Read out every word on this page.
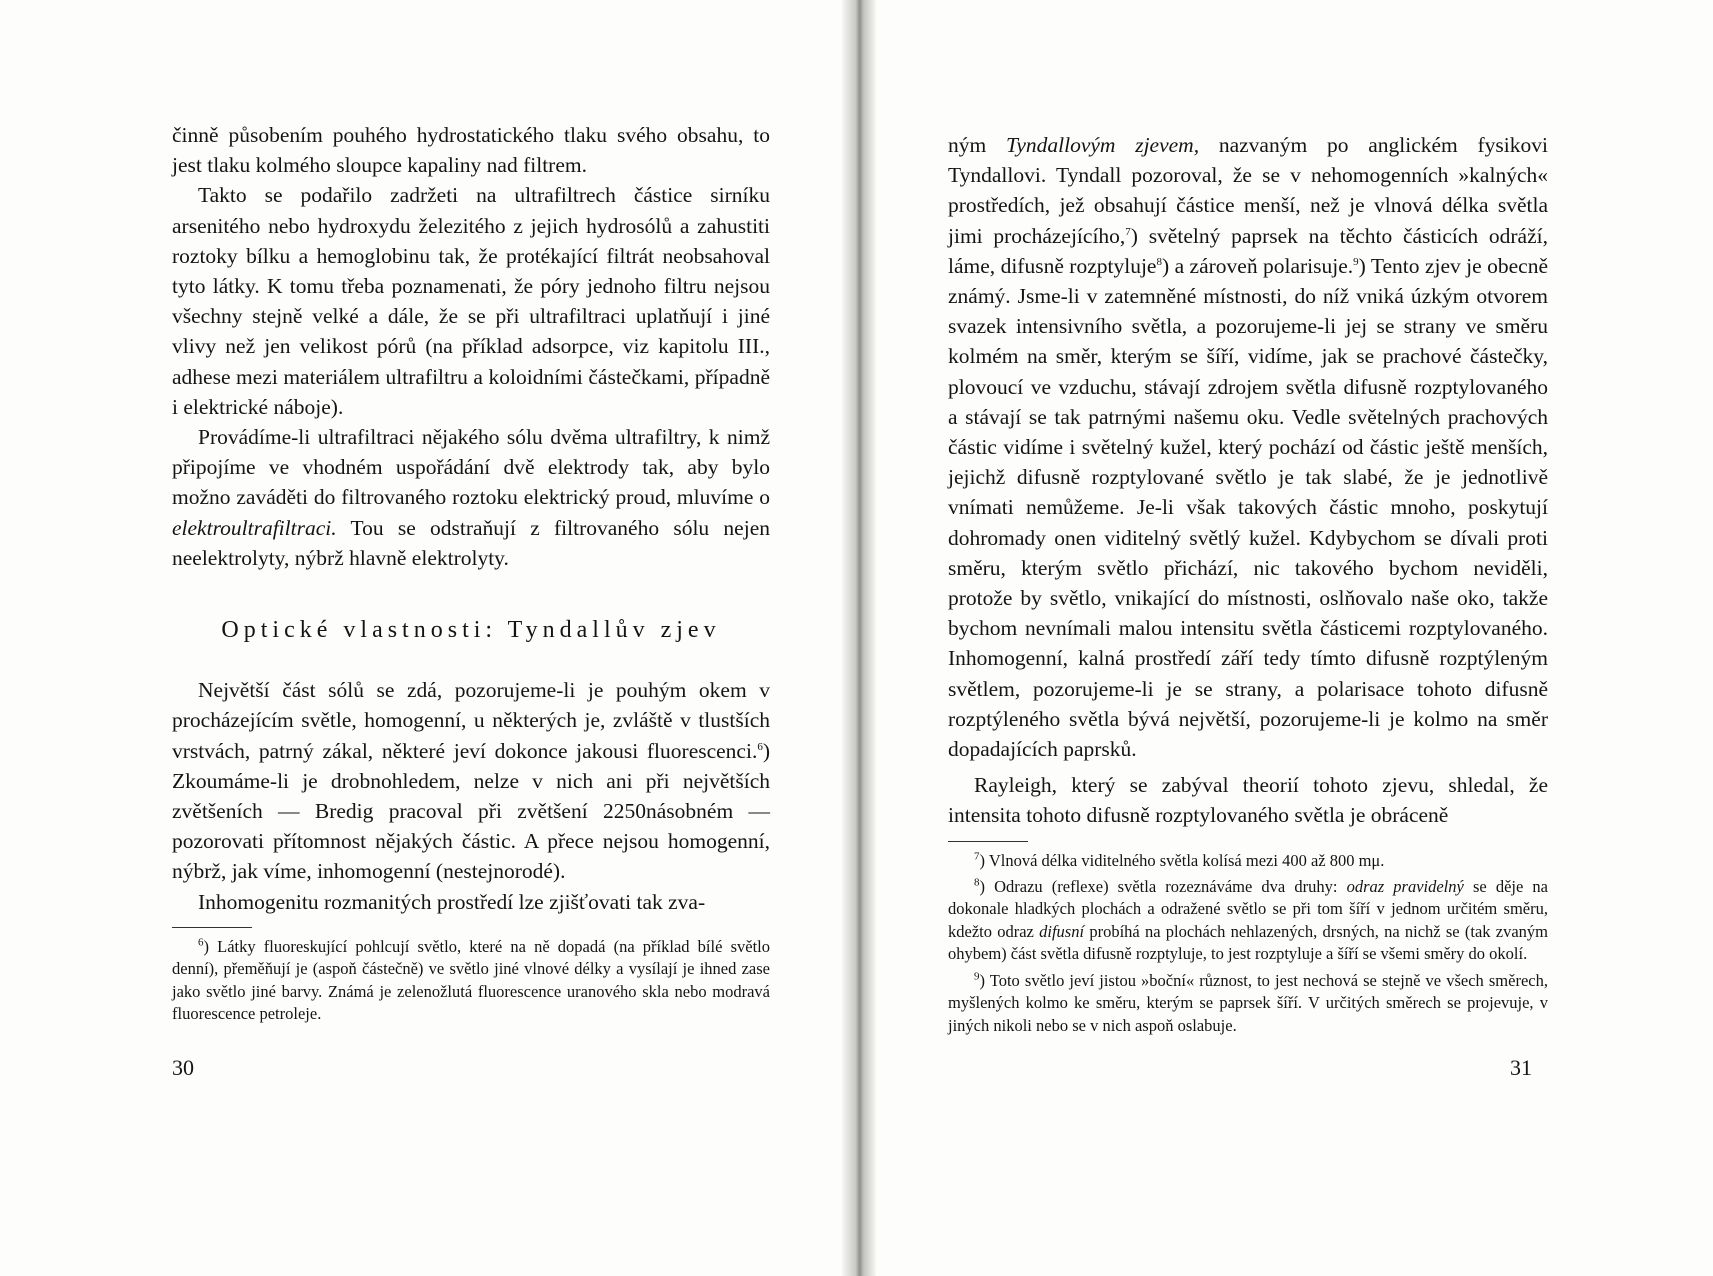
činně působením pouhého hydrostatického tlaku svého obsahu, to jest tlaku kolmého sloupce kapaliny nad filtrem.

Takto se podařilo zadržeti na ultrafiltrech částice sirníku arsenitého nebo hydroxydu železitého z jejich hydrosólů a zahustiti roztoky bílku a hemoglobinu tak, že protékající filtrát neobsahoval tyto látky. K tomu třeba poznamenati, že póry jednoho filtru nejsou všechny stejně velké a dále, že se při ultrafiltraci uplatňují i jiné vlivy než jen velikost pórů (na příklad adsorpce, viz kapitolu III., adhese mezi materiálem ultrafiltru a koloidními částečkami, případně i elektrické náboje).

Provádíme-li ultrafiltraci nějakého sólu dvěma ultrafiltry, k nimž připojíme ve vhodném uspořádání dvě elektrody tak, aby bylo možno zaváděti do filtrovaného roztoku elektrický proud, mluvíme o elektroultrafiltraci. Tou se odstraňují z filtrovaného sólu nejen neelektrolyty, nýbrž hlavně elektrolyty.

Optické vlastnosti: Tyndallův zjev

Největší část sólů se zdá, pozorujeme-li je pouhým okem v procházejícím světle, homogenní, u některých je, zvláště v tlustších vrstvách, patrný zákal, některé jeví dokonce jakousi fluorescenci.$^6$) Zkoumáme-li je drobnohledem, nelze v nich ani při největších zvětšeních — Bredig pracoval při zvětšení 2250násobném — pozorovati přítomnost nějakých částic. A přece nejsou homogenní, nýbrž, jak víme, inhomogenní (nestejnorodé).

Inhomogenitu rozmanitých prostředí lze zjišťovati tak zva-

$^6$) Látky fluoreskující pohlcují světlo, které na ně dopadá (na příklad bílé světlo denní), přeměňují je (aspoň částečně) ve světlo jiné vlnové délky a vysílají je ihned zase jako světlo jiné barvy. Známá je zelenožlutá fluorescence uranového skla nebo modravá fluorescence petroleje.

30

ným Tyndallovým zjevem, nazvaným po anglickém fysikovi Tyndallovi. Tyndall pozoroval, že se v nehomogenních »kalných« prostředích, jež obsahují částice menší, než je vlnová délka světla jimi procházejícího,$^7$) světelný paprsek na těchto částicích odráží, láme, difusně rozptyluje$^8$) a zároveň polarisuje.$^9$) Tento zjev je obecně známý. Jsme-li v zatemněné místnosti, do níž vniká úzkým otvorem svazek intensivního světla, a pozorujeme-li jej se strany ve směru kolmém na směr, kterým se šíří, vidíme, jak se prachové částečky, plovoucí ve vzduchu, stávají zdrojem světla difusně rozptylovaného a stávají se tak patrnými našemu oku. Vedle světelných prachových částic vidíme i světelný kužel, který pochází od částic ještě menších, jejichž difusně rozptylované světlo je tak slabé, že je jednotlivě vnímati nemůžeme. Je-li však takových částic mnoho, poskytují dohromady onen viditelný světlý kužel. Kdybychom se dívali proti směru, kterým světlo přichází, nic takového bychom neviděli, protože by světlo, vnikající do místnosti, oslňovalo naše oko, takže bychom nevnímali malou intensitu světla částicemi rozptylovaného. Inhomogenní, kalná prostředí září tedy tímto difusně rozptýleným světlem, pozorujeme-li je se strany, a polarisace tohoto difusně rozptýleného světla bývá největší, pozorujeme-li je kolmo na směr dopadajících paprsků.

Rayleigh, který se zabýval theorií tohoto zjevu, shledal, že intensita tohoto difusně rozptylovaného světla je obráceně

$^7$) Vlnová délka viditelného světla kolísá mezi 400 až 800 mμ.

$^8$) Odrazu (reflexe) světla rozeznáváme dva druhy: odraz pravidelný se děje na dokonale hladkých plochách a odražené světlo se při tom šíří v jednom určitém směru, kdežto odraz difusní probíhá na plochách nehlazených, drsných, na nichž se (tak zvaným ohybem) část světla difusně rozptyluje, to jest rozptyluje a šíří se všemi směry do okolí.

$^9$) Toto světlo jeví jistou »boční« různost, to jest nechová se stejně ve všech směrech, myšlených kolmo ke směru, kterým se paprsek šíří. V určitých směrech se projevuje, v jiných nikoli nebo se v nich aspoň oslabuje.

31
